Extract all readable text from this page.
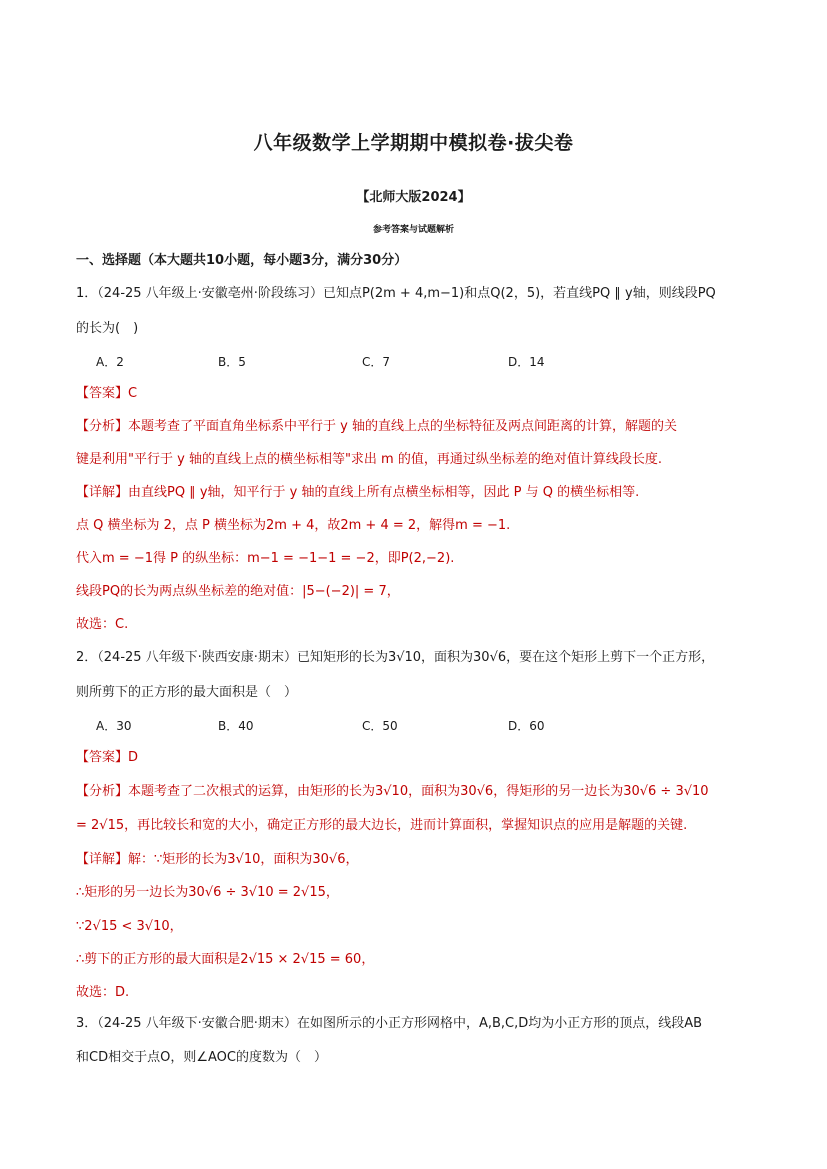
八年级数学上学期期中模拟卷·拔尖卷
【北师大版2024】
参考答案与试题解析
一、选择题（本大题共10小题，每小题3分，满分30分）
1．（24-25 八年级上·安徽亳州·阶段练习）已知点P(2m + 4,m−1)和点Q(2，5)，若直线PQ ∥ y轴，则线段PQ
的长为(　)
A．2	B．5	C．7	D．14
【答案】C
【分析】本题考查了平面直角坐标系中平行于 y 轴的直线上点的坐标特征及两点间距离的计算，解题的关
键是利用"平行于 y 轴的直线上点的横坐标相等"求出 m 的值，再通过纵坐标差的绝对值计算线段长度.
【详解】由直线PQ ∥ y轴，知平行于 y 轴的直线上所有点横坐标相等，因此 P 与 Q 的横坐标相等.
点 Q 横坐标为 2，点 P 横坐标为2m + 4，故2m + 4 = 2，解得m = −1.
代入m = −1得 P 的纵坐标：m−1 = −1−1 = −2，即P(2,−2).
线段PQ的长为两点纵坐标差的绝对值：|5−(−2)| = 7，
故选：C.
2．（24-25 八年级下·陕西安康·期末）已知矩形的长为3√10，面积为30√6，要在这个矩形上剪下一个正方形，
则所剪下的正方形的最大面积是（　）
A．30	B．40	C．50	D．60
【答案】D
【分析】本题考查了二次根式的运算，由矩形的长为3√10，面积为30√6，得矩形的另一边长为30√6 ÷ 3√10
= 2√15，再比较长和宽的大小，确定正方形的最大边长，进而计算面积，掌握知识点的应用是解题的关键.
【详解】解：∵矩形的长为3√10，面积为30√6，
∴矩形的另一边长为30√6 ÷ 3√10 = 2√15，
∵2√15 < 3√10，
∴剪下的正方形的最大面积是2√15 × 2√15 = 60，
故选：D.
3．（24-25 八年级下·安徽合肥·期末）在如图所示的小正方形网格中，A,B,C,D均为小正方形的顶点，线段AB
和CD相交于点O，则∠AOC的度数为（　）
